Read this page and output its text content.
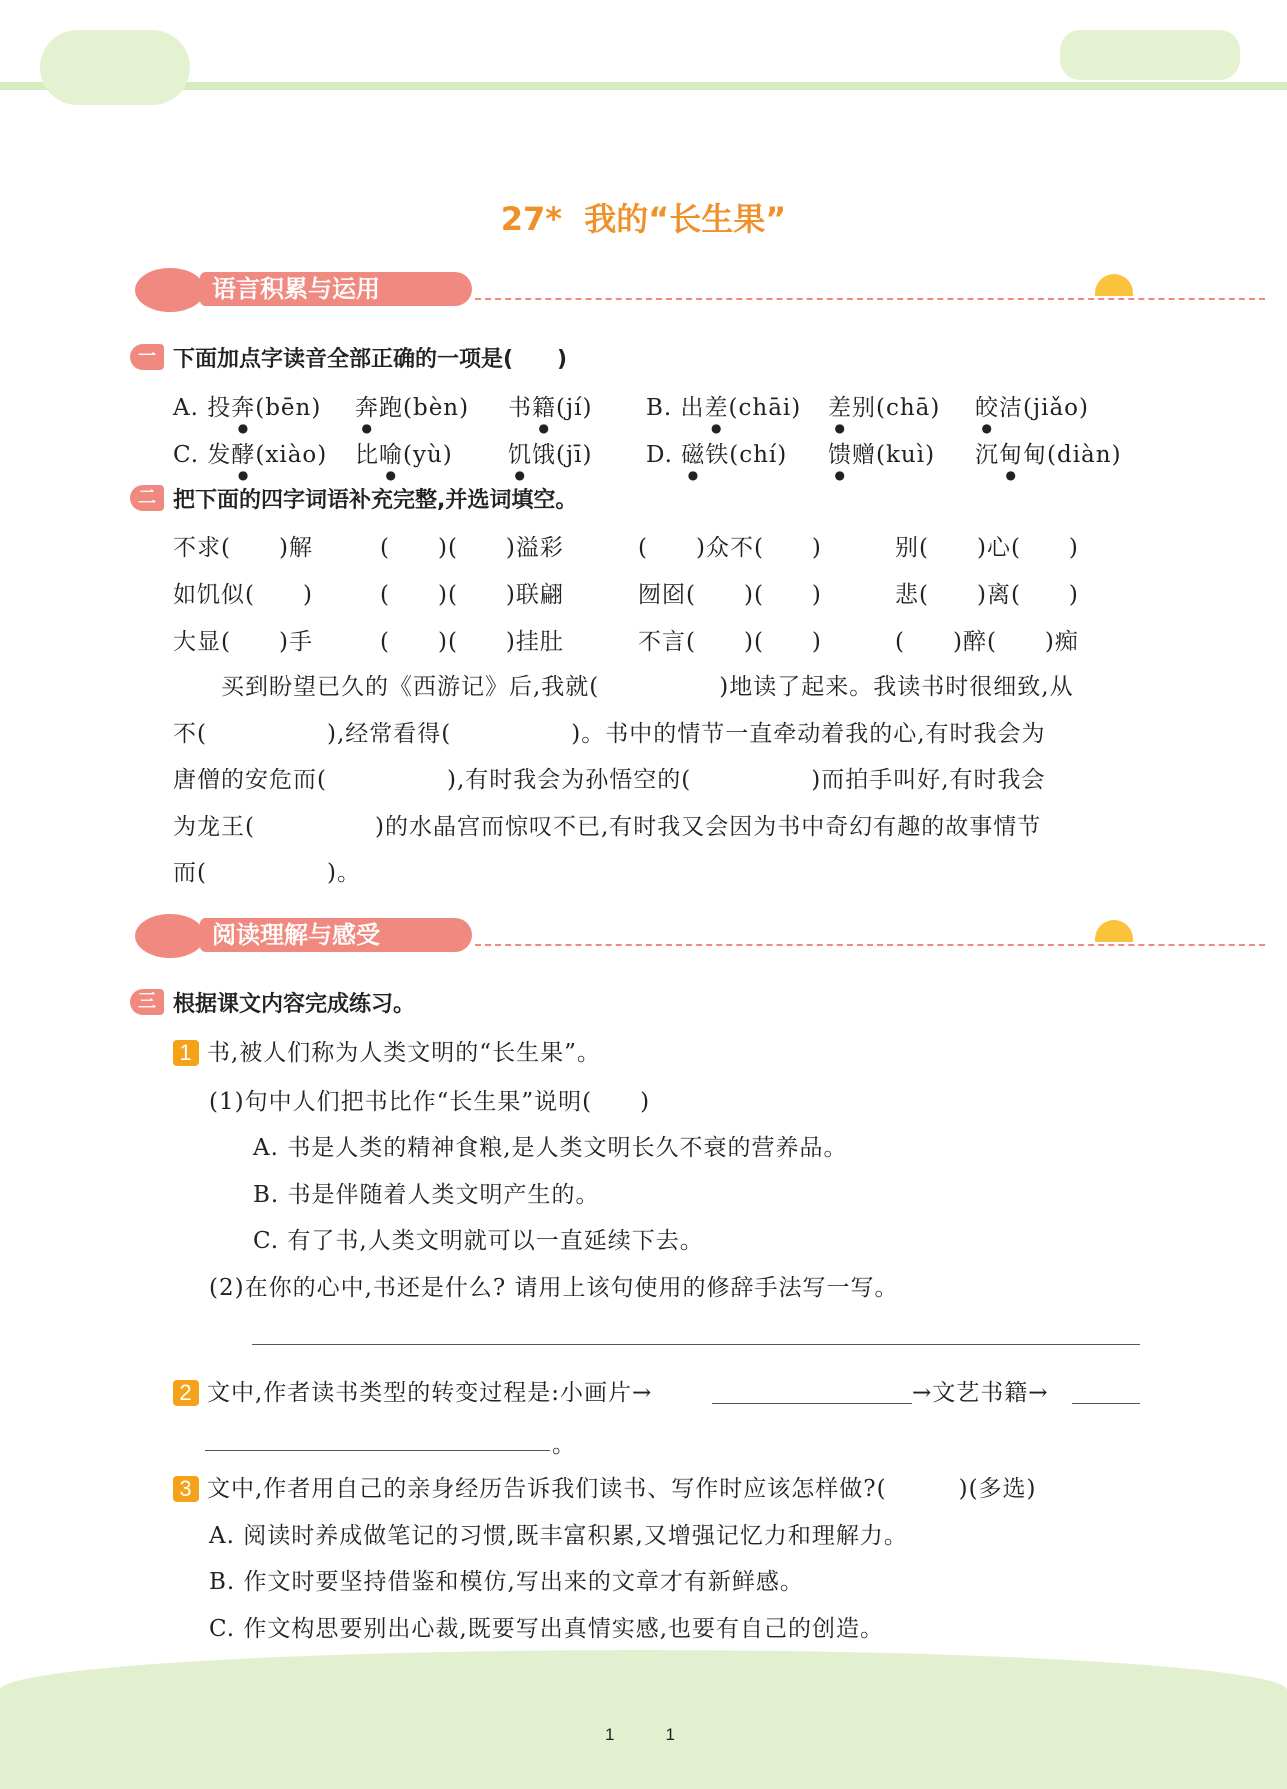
27*  我的“长生果”
语言积累与运用
一 下面加点字读音全部正确的一项是(　　)
A. 投奔(bēn) 奔跑(bèn) 书籍(jí) B. 出差(chāi) 差别(chā) 皎洁(jiǎo)
C. 发酵(xiào) 比喻(yù) 饥饿(jī) D. 磁铁(chí) 馈赠(kuì) 沉甸甸(diàn)
二 把下面的四字词语补充完整,并选词填空。
不求(　　)解	(　　)(　　)溢彩	(　　)众不(　　)	别(　　)心(　　)
如饥似(　　)	(　　)(　　)联翩	囫囵(　　)(　　)	悲(　　)离(　　)
大显(　　)手	(　　)(　　)挂肚	不言(　　)(　　)	(　　)醉(　　)痴
　　买到盼望已久的《西游记》后,我就(　　　　　)地读了起来。我读书时很细致,从
不(　　　　　),经常看得(　　　　　)。书中的情节一直牵动着我的心,有时我会为
唐僧的安危而(　　　　　),有时我会为孙悟空的(　　　　　)而拍手叫好,有时我会
为龙王(　　　　　)的水晶宫而惊叹不已,有时我又会因为书中奇幻有趣的故事情节
而(　　　　　)。
阅读理解与感受
三 根据课文内容完成练习。
1 书,被人们称为人类文明的“长生果”。
(1)句中人们把书比作“长生果”说明(　　)
A. 书是人类的精神食粮,是人类文明长久不衰的营养品。
B. 书是伴随着人类文明产生的。
C. 有了书,人类文明就可以一直延续下去。
(2)在你的心中,书还是什么? 请用上该句使用的修辞手法写一写。
2 文中,作者读书类型的转变过程是:小画片→	→文艺书籍→
。
3 文中,作者用自己的亲身经历告诉我们读书、写作时应该怎样做?(　　　)(多选)
A. 阅读时养成做笔记的习惯,既丰富积累,又增强记忆力和理解力。
B. 作文时要坚持借鉴和模仿,写出来的文章才有新鲜感。
C. 作文构思要别出心裁,既要写出真情实感,也要有自己的创造。
1　　　1
